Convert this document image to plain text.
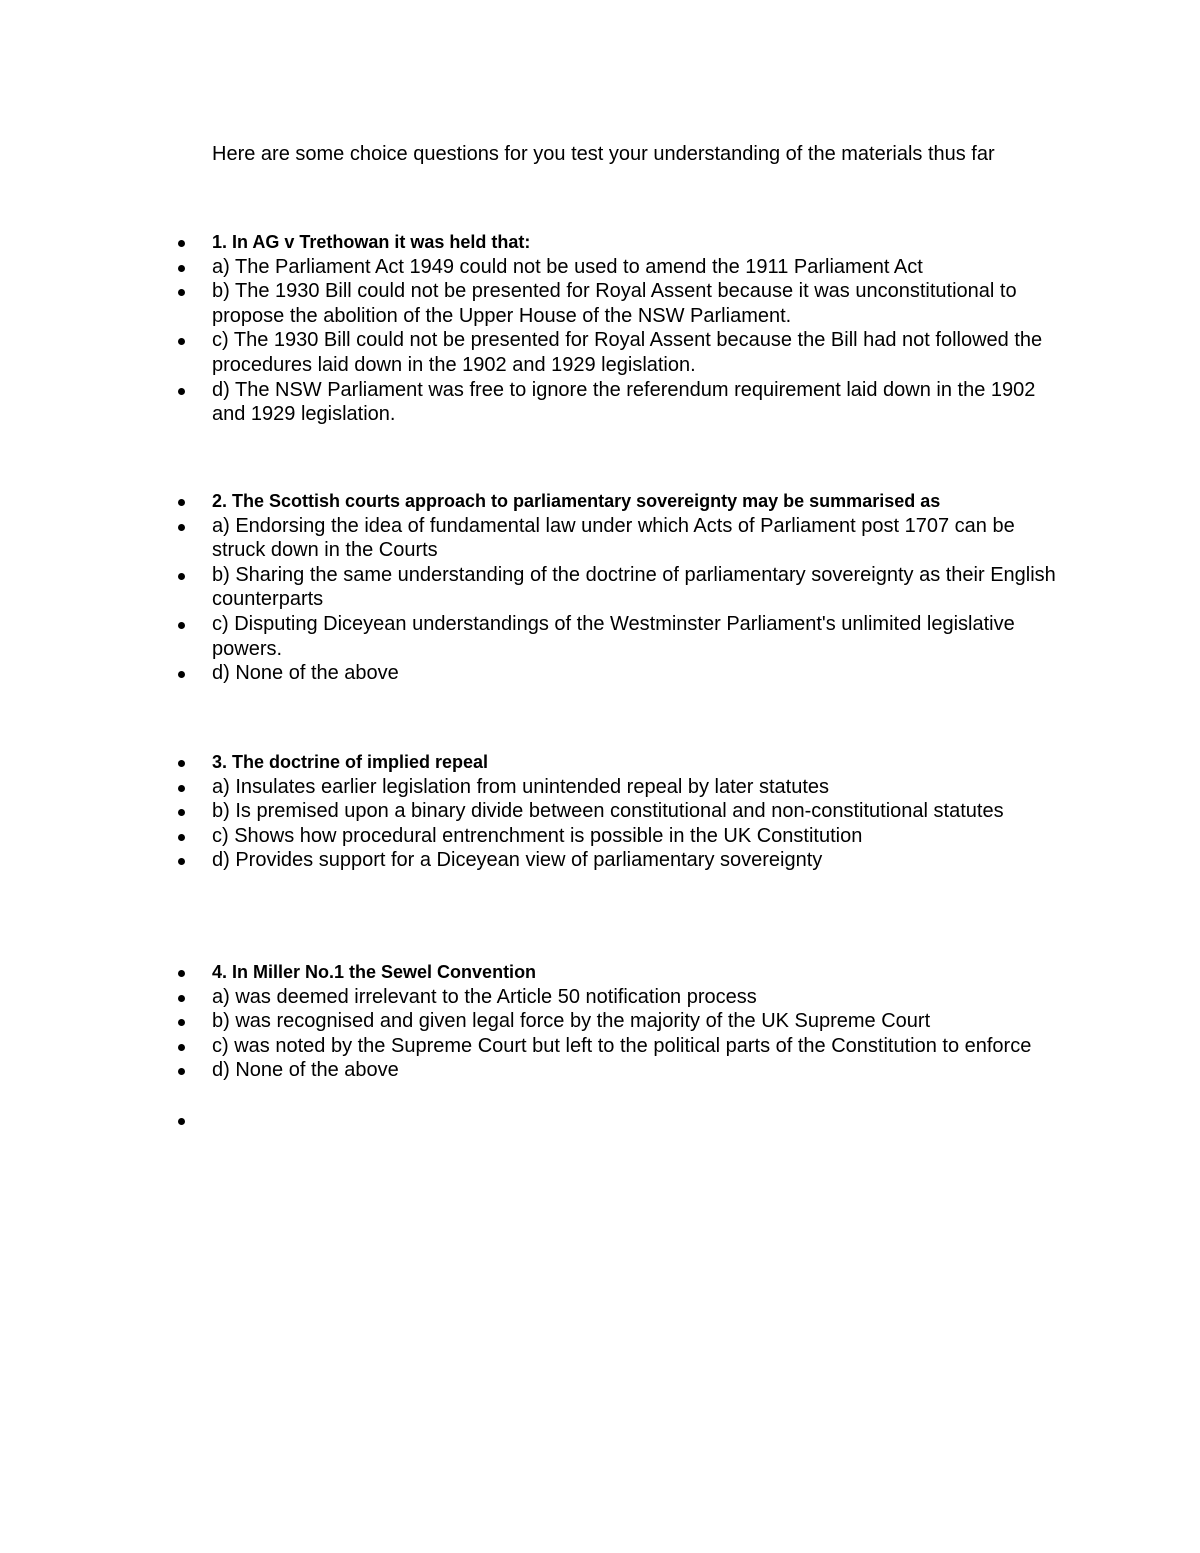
Here are some choice questions for you test your understanding of the materials thus far
1. In AG v Trethowan it was held that:
a) The Parliament Act 1949 could not be used to amend the 1911 Parliament Act
b) The 1930 Bill could not be presented for Royal Assent because it was unconstitutional to propose the abolition of the Upper House of the NSW Parliament.
c) The 1930 Bill could not be presented for Royal Assent because the Bill had not followed the procedures laid down in the 1902 and 1929 legislation.
d) The NSW Parliament was free to ignore the referendum requirement laid down in the 1902 and 1929 legislation.
2. The Scottish courts approach to parliamentary sovereignty may be summarised as
a) Endorsing the idea of fundamental law under which Acts of Parliament post 1707 can be struck down in the Courts
b) Sharing the same understanding of the doctrine of parliamentary sovereignty as their English counterparts
c) Disputing Diceyean understandings of the Westminster Parliament's unlimited legislative powers.
d) None of the above
3. The doctrine of implied repeal
a) Insulates earlier legislation from unintended repeal by later statutes
b) Is premised upon a binary divide between constitutional and non-constitutional statutes
c) Shows how procedural entrenchment is possible in the UK Constitution
d) Provides support for a Diceyean view of parliamentary sovereignty
4. In Miller No.1 the Sewel Convention
a) was deemed irrelevant to the Article 50 notification process
b) was recognised and given legal force by the majority of the UK Supreme Court
c) was noted by the Supreme Court but left to the political parts of the Constitution to enforce
d) None of the above
